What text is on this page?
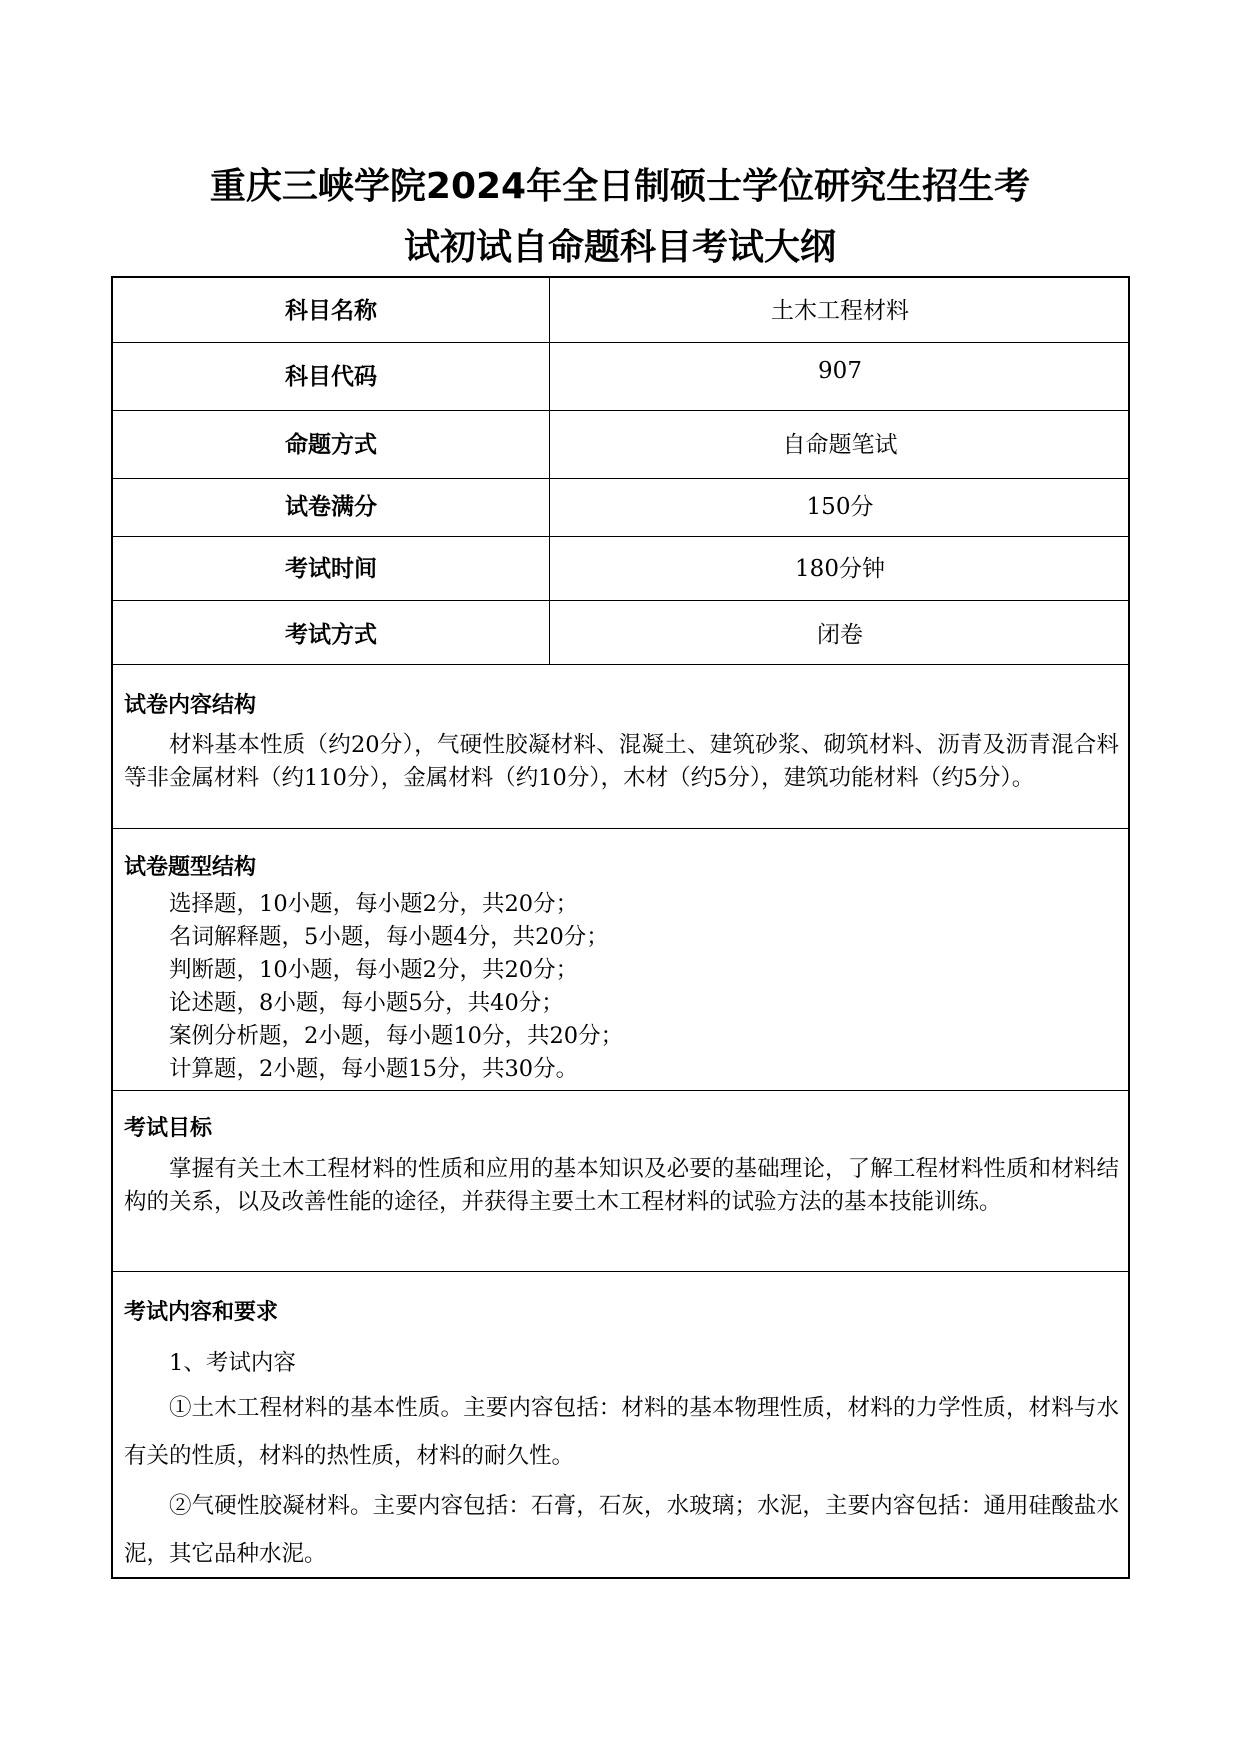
重庆三峡学院2024年全日制硕士学位研究生招生考
试初试自命题科目考试大纲
科目名称	土木工程材料
科目代码	907
命题方式	自命题笔试
试卷满分	150分
考试时间	180分钟
考试方式	闭卷
试卷内容结构
材料基本性质（约20分），气硬性胶凝材料、混凝土、建筑砂浆、砌筑材料、沥青及沥青混合料等非金属材料（约110分），金属材料（约10分），木材（约5分），建筑功能材料（约5分）。
试卷题型结构
选择题，10小题，每小题2分，共20分；
名词解释题，5小题，每小题4分，共20分；
判断题，10小题，每小题2分，共20分；
论述题，8小题，每小题5分，共40分；
案例分析题，2小题，每小题10分，共20分；
计算题，2小题，每小题15分，共30分。
考试目标
掌握有关土木工程材料的性质和应用的基本知识及必要的基础理论，了解工程材料性质和材料结构的关系，以及改善性能的途径，并获得主要土木工程材料的试验方法的基本技能训练。
考试内容和要求
1、考试内容
①土木工程材料的基本性质。主要内容包括：材料的基本物理性质，材料的力学性质，材料与水有关的性质，材料的热性质，材料的耐久性。
②气硬性胶凝材料。主要内容包括：石膏，石灰，水玻璃；水泥，主要内容包括：通用硅酸盐水泥，其它品种水泥。
